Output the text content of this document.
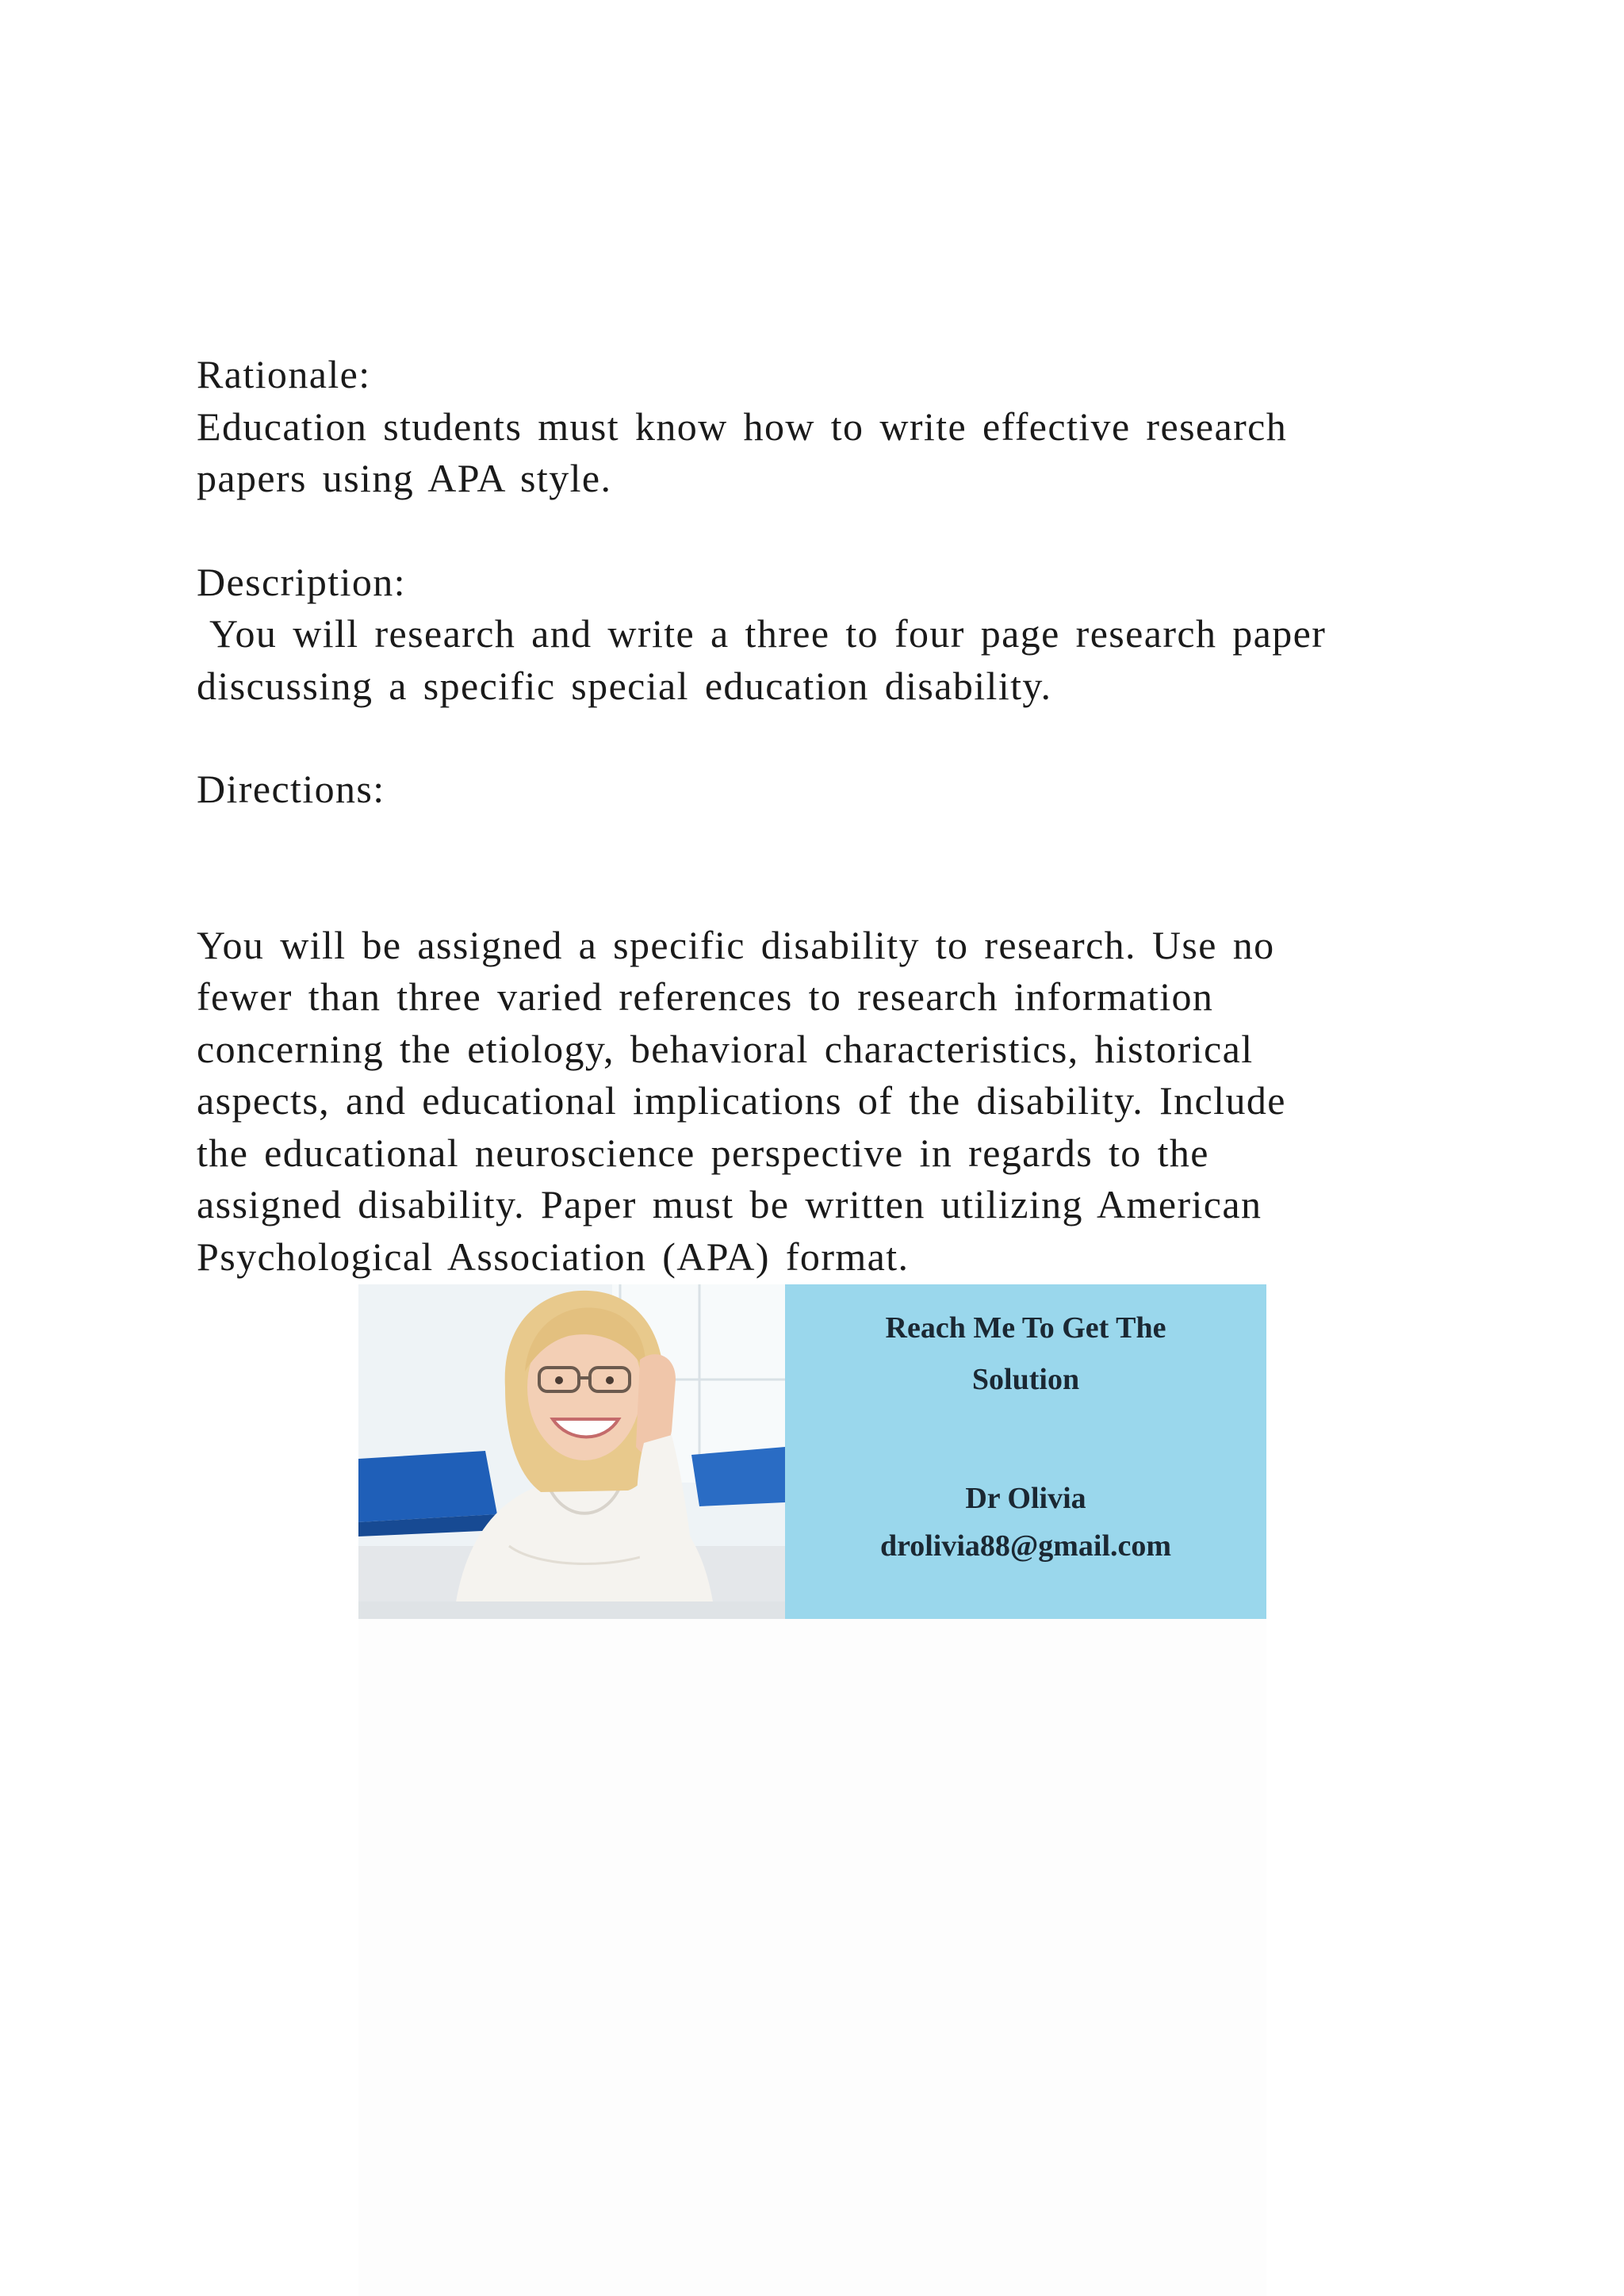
Rationale:

Education students must know how to write effective research

papers using APA style.

Description:

You will research and write a three to four page research paper

discussing a specific special education disability.

Directions:

You will be assigned a specific disability to research. Use no

fewer than three varied references to research information

concerning the etiology, behavioral characteristics, historical

aspects, and educational implications of the disability. Include

the educational neuroscience perspective in regards to the

assigned disability. Paper must be written utilizing American

Psychological Association (APA) format.

Reach Me To Get The
Solution
Dr Olivia
drolivia88@gmail.com
